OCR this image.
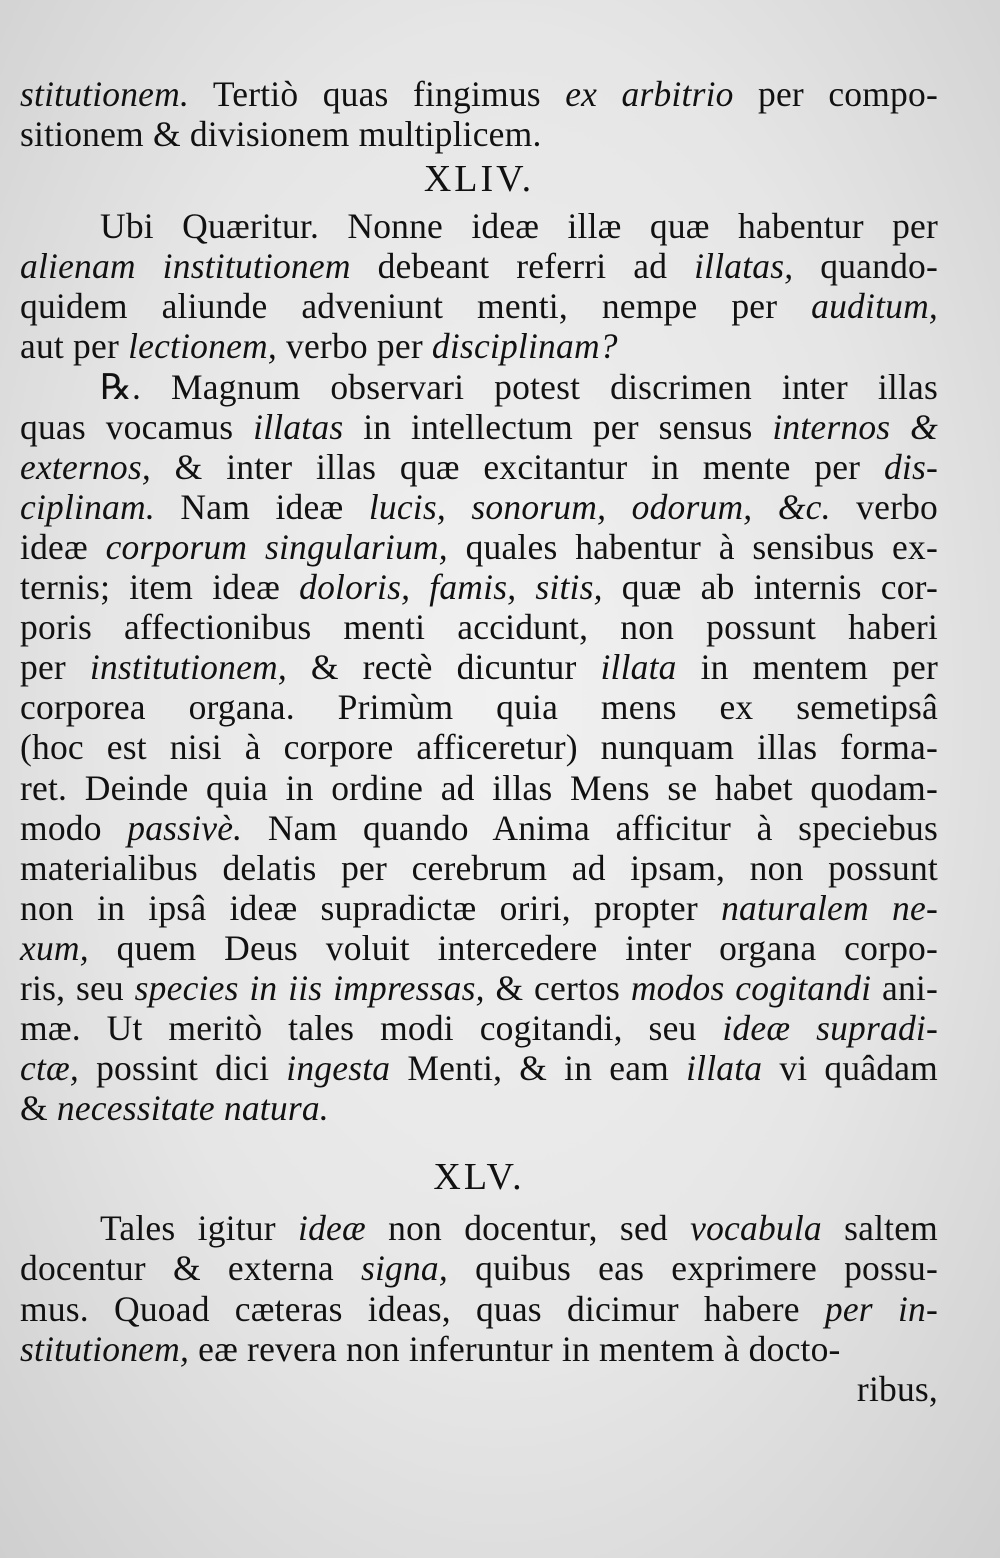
stitutionem. Tertiò quas fingimus ex arbitrio per compo-
sitionem & divisionem multiplicem.
XLIV.
Ubi Quæritur. Nonne ideæ illæ quæ habentur per
alienam institutionem debeant referri ad illatas, quando-
quidem aliunde adveniunt menti, nempe per auditum,
aut per lectionem, verbo per disciplinam?
℞. Magnum observari potest discrimen inter illas
quas vocamus illatas in intellectum per sensus internos &
externos, & inter illas quæ excitantur in mente per dis-
ciplinam. Nam ideæ lucis, sonorum, odorum, &c. verbo
ideæ corporum singularium, quales habentur à sensibus ex-
ternis; item ideæ doloris, famis, sitis, quæ ab internis cor-
poris affectionibus menti accidunt, non possunt haberi
per institutionem, & rectè dicuntur illata in mentem per
corporea organa. Primùm quia mens ex semetipsâ
(hoc est nisi à corpore afficeretur) nunquam illas forma-
ret. Deinde quia in ordine ad illas Mens se habet quodam-
modo passivè. Nam quando Anima afficitur à speciebus
materialibus delatis per cerebrum ad ipsam, non possunt
non in ipsâ ideæ supradictæ oriri, propter naturalem ne-
xum, quem Deus voluit intercedere inter organa corpo-
ris, seu species in iis impressas, & certos modos cogitandi ani-
mæ. Ut meritò tales modi cogitandi, seu ideæ supradi-
ctæ, possint dici ingesta Menti, & in eam illata vi quâdam
& necessitate natura.
XLV.
Tales igitur ideæ non docentur, sed vocabula saltem
docentur & externa signa, quibus eas exprimere possu-
mus. Quoad cæteras ideas, quas dicimur habere per in-
stitutionem, eæ revera non inferuntur in mentem à docto-
ribus,
